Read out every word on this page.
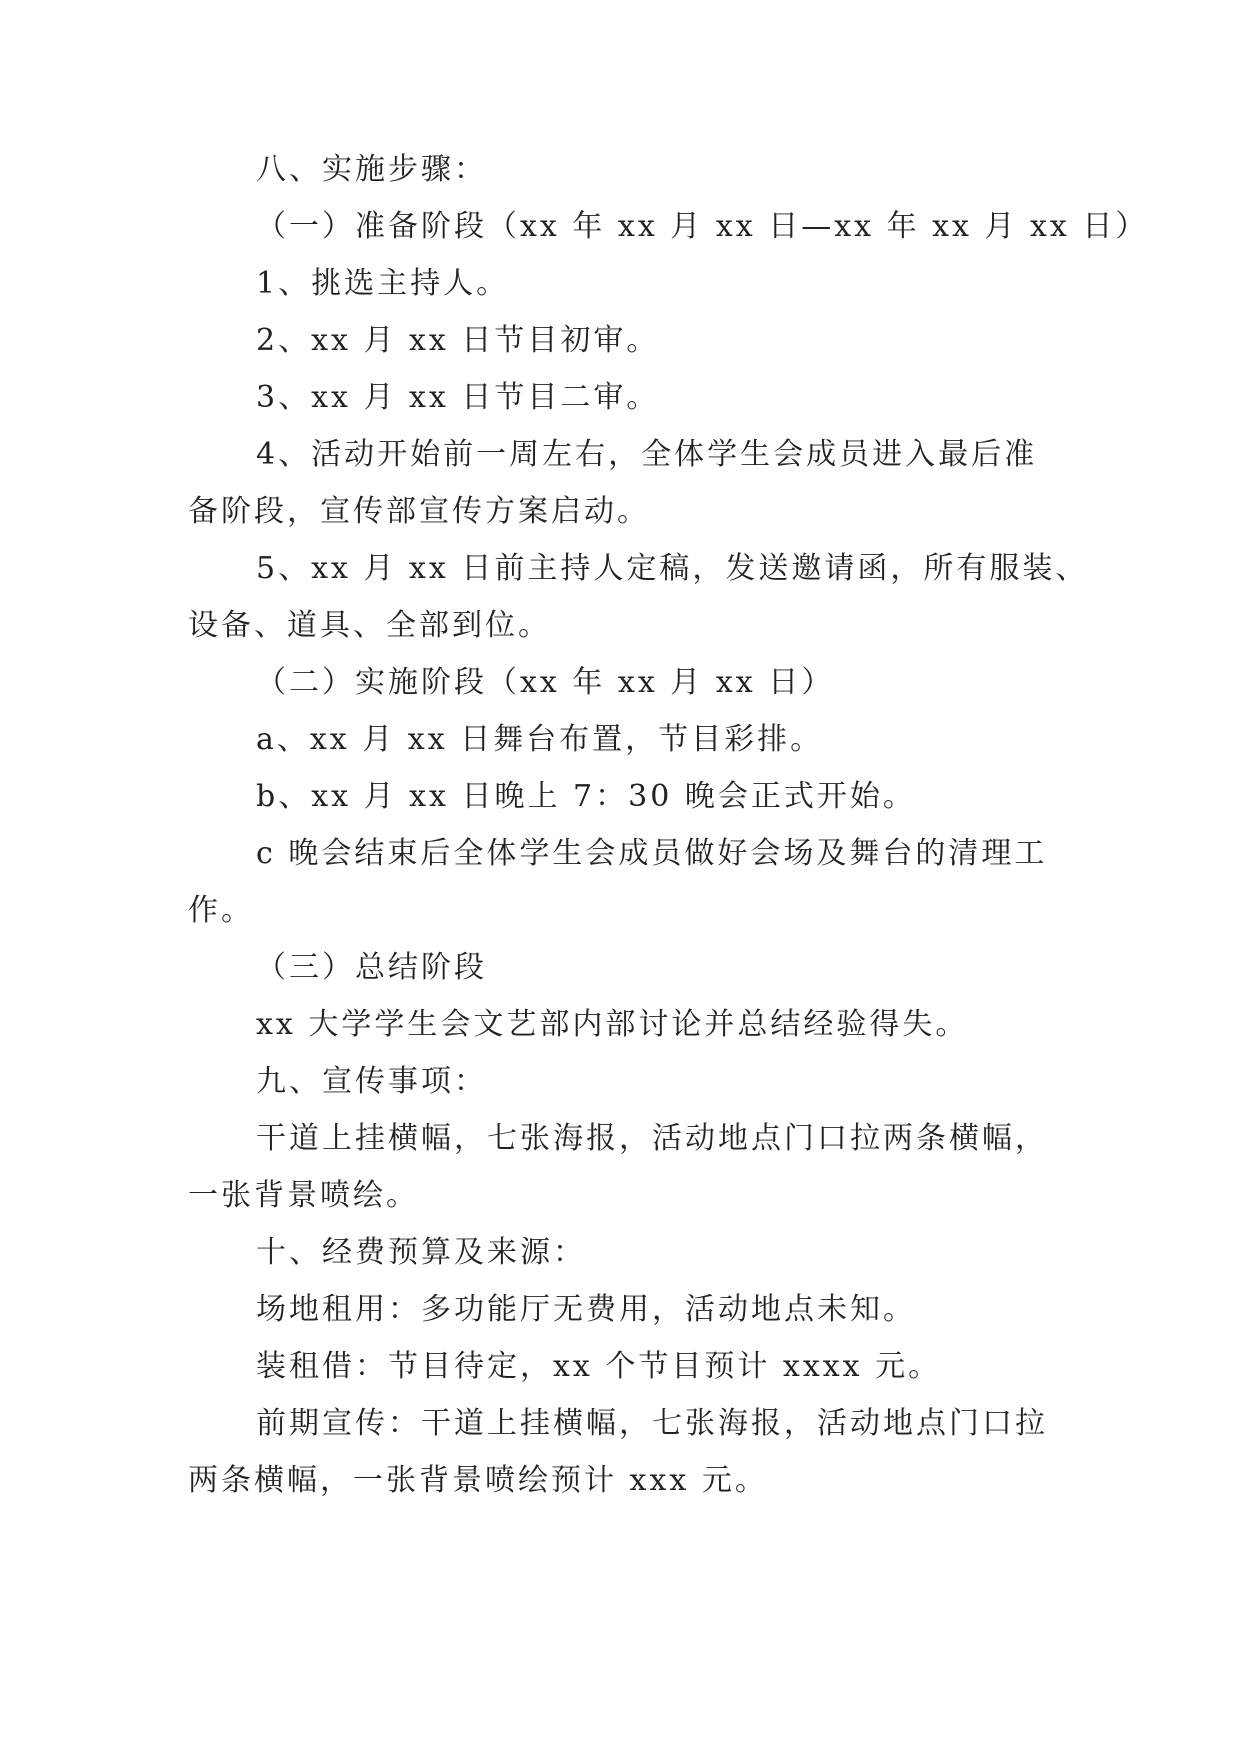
八、实施步骤：
（一）准备阶段（xx 年 xx 月 xx 日—xx 年 xx 月 xx 日）
1、挑选主持人。
2、xx 月 xx 日节目初审。
3、xx 月 xx 日节目二审。
4、活动开始前一周左右，全体学生会成员进入最后准
备阶段，宣传部宣传方案启动。
5、xx 月 xx 日前主持人定稿，发送邀请函，所有服装、
设备、道具、全部到位。
（二）实施阶段（xx 年 xx 月 xx 日）
a、xx 月 xx 日舞台布置，节目彩排。
b、xx 月 xx 日晚上 7：30 晚会正式开始。
c 晚会结束后全体学生会成员做好会场及舞台的清理工
作。
（三）总结阶段
xx 大学学生会文艺部内部讨论并总结经验得失。
九、宣传事项：
干道上挂横幅，七张海报，活动地点门口拉两条横幅，
一张背景喷绘。
十、经费预算及来源：
场地租用：多功能厅无费用，活动地点未知。
装租借：节目待定，xx 个节目预计 xxxx 元。
前期宣传：干道上挂横幅，七张海报，活动地点门口拉
两条横幅，一张背景喷绘预计 xxx 元。
